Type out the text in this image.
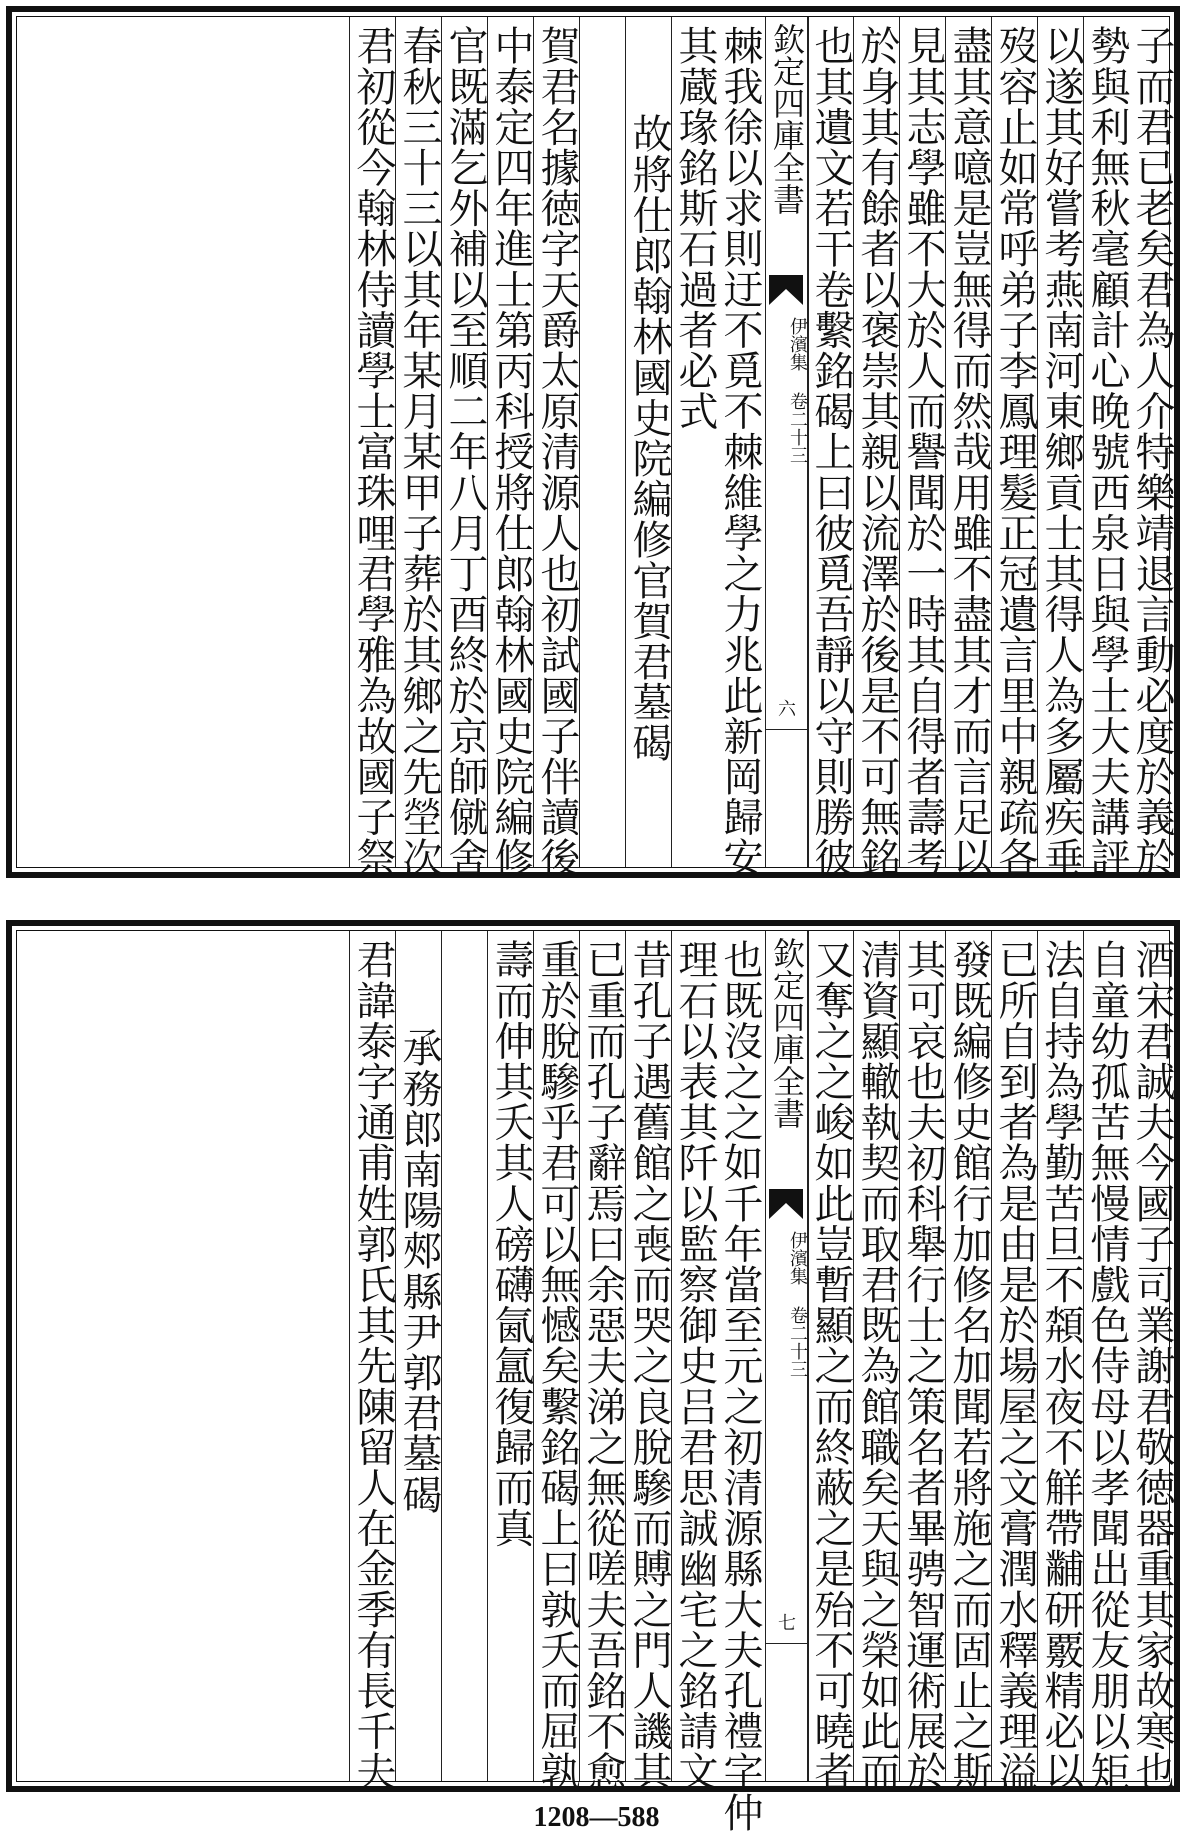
子而君已老矣君為人介特樂靖退言動必度於義於
勢與利無秋毫顧計心晚號西泉日與學士大夫講評
以遂其好嘗考燕南河東鄉貢士其得人為多屬疾垂
歿容止如常呼弟子李鳳理髮正冠遺言里中親疏各
盡其意噫是豈無得而然哉用雖不盡其才而言足以
見其志學雖不大於人而譽聞於一時其自得者壽考
於身其有餘者以褒崇其親以流澤於後是不可無銘
也其遺文若干卷繫銘碣上曰彼覓吾靜以守則勝彼
欽定四庫全書
伊濱集 卷二十三
六
棘我徐以求則迂不覓不棘維學之力兆此新岡歸安
其蔵瑑銘斯石過者必式
故將仕郎翰林國史院編修官賀君墓碣
賀君名據徳字天爵太原清源人也初試國子伴讀後
中泰定四年進士第丙科授將仕郎翰林國史院編修
官既滿乞外補以至順二年八月丁酉終於京師僦舍
春秋三十三以其年某月某甲子葬於其鄉之先塋次
君初從今翰林侍讀學士富珠哩君學雅為故國子祭
酒宋君誠夫今國子司業謝君敬徳器重其家故寒也
自童幼孤苦無慢情戲色侍母以孝聞出從友朋以矩
法自持為學勤苦旦不頮水夜不觧帶黼研覈精必以
已所自到者為是由是於場屋之文膏潤水釋義理溢
發既編修史館行加修名加聞若將施之而固止之斯
其可哀也夫初科舉行士之策名者畢骋智運術展於
清資顯轍執契而取君既為館職矣天與之榮如此而
又奪之之峻如此豈暫顯之而終蔽之是殆不可曉者
欽定四庫全書
伊濱集 卷二十三
七
也既沒之之如千年當至元之初清源縣大夫孔禮字仲
理石以表其阡以監察御史吕君思誠幽宅之銘請文
昔孔子遇舊館之喪而哭之良脫驂而賻之門人譏其
已重而孔子辭焉曰余惡夫涕之無從嗟夫吾銘不愈
重於脫驂乎君可以無憾矣繫銘碣上曰孰夭而屈孰
壽而伸其夭其人磅礴氤氲復歸而真
承務郎南陽郟縣尹郭君墓碣
君諱泰字通甫姓郭氏其先陳留人在金季有長千夫
1208—588
